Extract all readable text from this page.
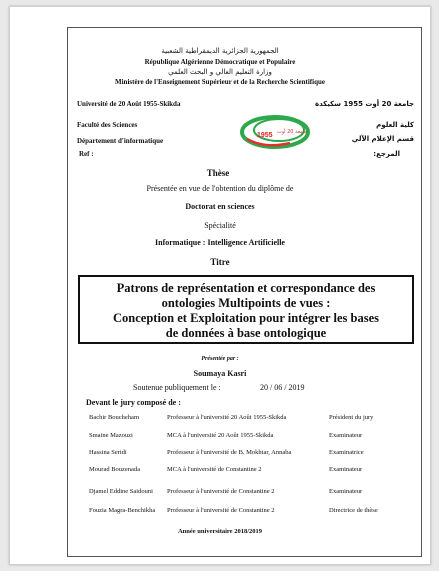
الجمهورية الجزائرية الديمقراطية الشعبية
République Algérienne Démocratique et Populaire
وزارة التعليم العالي و البحث العلمي
Ministère de l'Enseignement Supérieur et de la Recherche Scientifique
Université de 20 Août 1955-Skikda
Faculté des Sciences
Département d'informatique
Ref :
جامعة 20 أوت 1955 سكيكدة
كلية العلوم
قسم الإعلام الآلي
المرجع:
1955 جامعة 20 أوت
Thèse
Présentée en vue de l'obtention du diplôme de
Doctorat en sciences
Spécialité
Informatique : Intelligence Artificielle
Titre
Patrons de représentation et correspondance des
ontologies Multipoints de vues :
Conception et Exploitation pour intégrer les bases
de données à base ontologique
Présentée par :
Soumaya Kasri
Soutenue publiquement le :	20 / 06 / 2019
Devant le jury composé de :
Bachir Boucheham	Professeur à l'université 20 Août 1955-Skikda	Président du jury
Smaine Mazouzi	MCA à l'université 20 Août 1955-Skikda	Examinateur
Hassina Seridi	Professeur à l'université de B. Mokhtar, Annaba	Examinatrice
Mourad Bouzenada	MCA à l'université de Constantine 2	Examinateur
Djamel Eddine Saidouni Professeur à l'université de Constantine 2	Examinateur
Fouzia Magra-Benchikha Professeur à l'université de Constantine 2	Directrice de thèse
Année universitaire 2018/2019
